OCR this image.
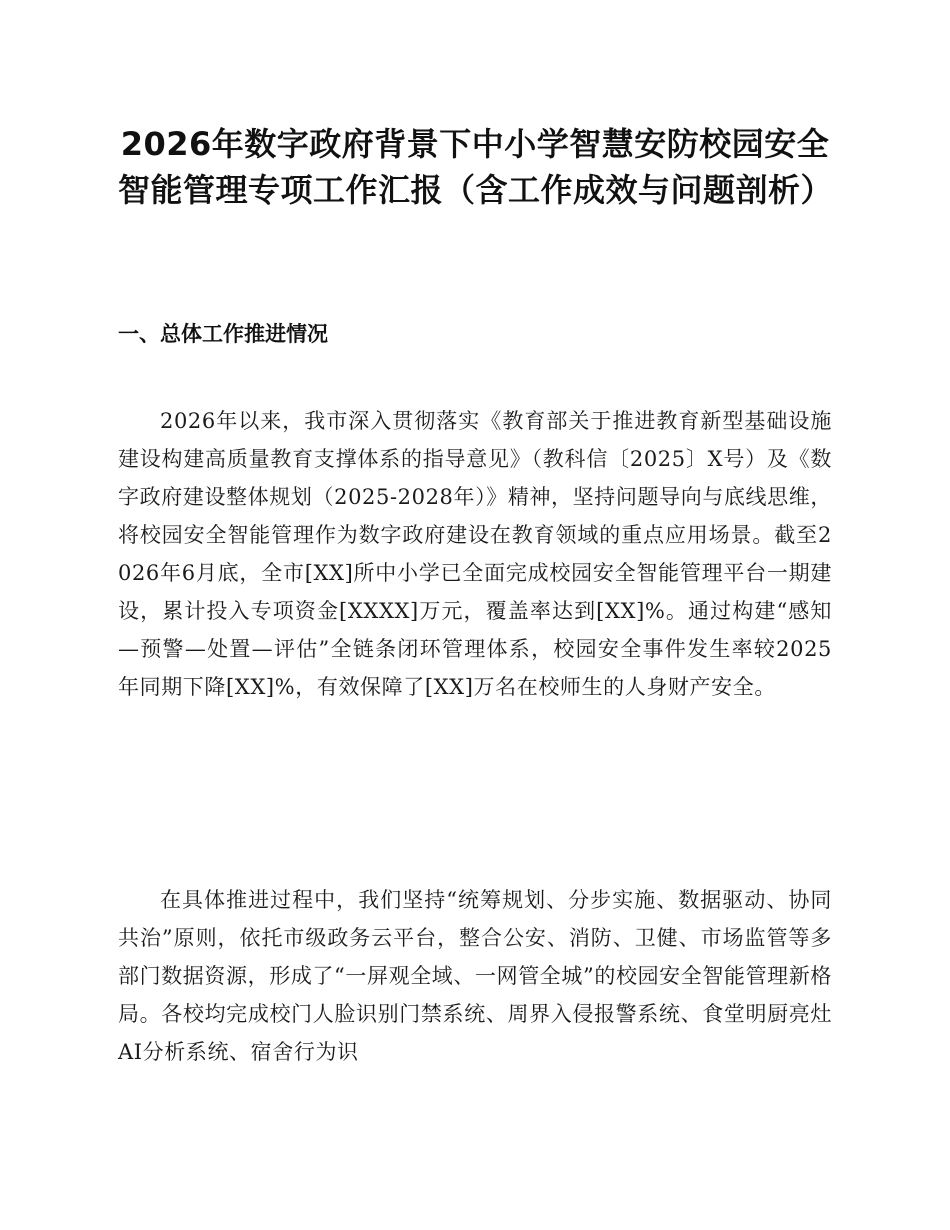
2026年数字政府背景下中小学智慧安防校园安全智能管理专项工作汇报（含工作成效与问题剖析）
一、总体工作推进情况

2026年以来，我市深入贯彻落实《教育部关于推进教育新型基础设施建设构建高质量教育支撑体系的指导意见》（教科信〔2025〕X号）及《数字政府建设整体规划（2025-2028年）》精神，坚持问题导向与底线思维，将校园安全智能管理作为数字政府建设在教育领域的重点应用场景。截至2026年6月底，全市[XX]所中小学已全面完成校园安全智能管理平台一期建设，累计投入专项资金[XXXX]万元，覆盖率达到[XX]%。通过构建“感知—预警—处置—评估”全链条闭环管理体系，校园安全事件发生率较2025年同期下降[XX]%，有效保障了[XX]万名在校师生的人身财产安全。

在具体推进过程中，我们坚持“统筹规划、分步实施、数据驱动、协同共治”原则，依托市级政务云平台，整合公安、消防、卫健、市场监管等多部门数据资源，形成了“一屏观全域、一网管全城”的校园安全智能管理新格局。各校均完成校门人脸识别门禁系统、周界入侵报警系统、食堂明厨亮灶AI分析系统、宿舍行为识
